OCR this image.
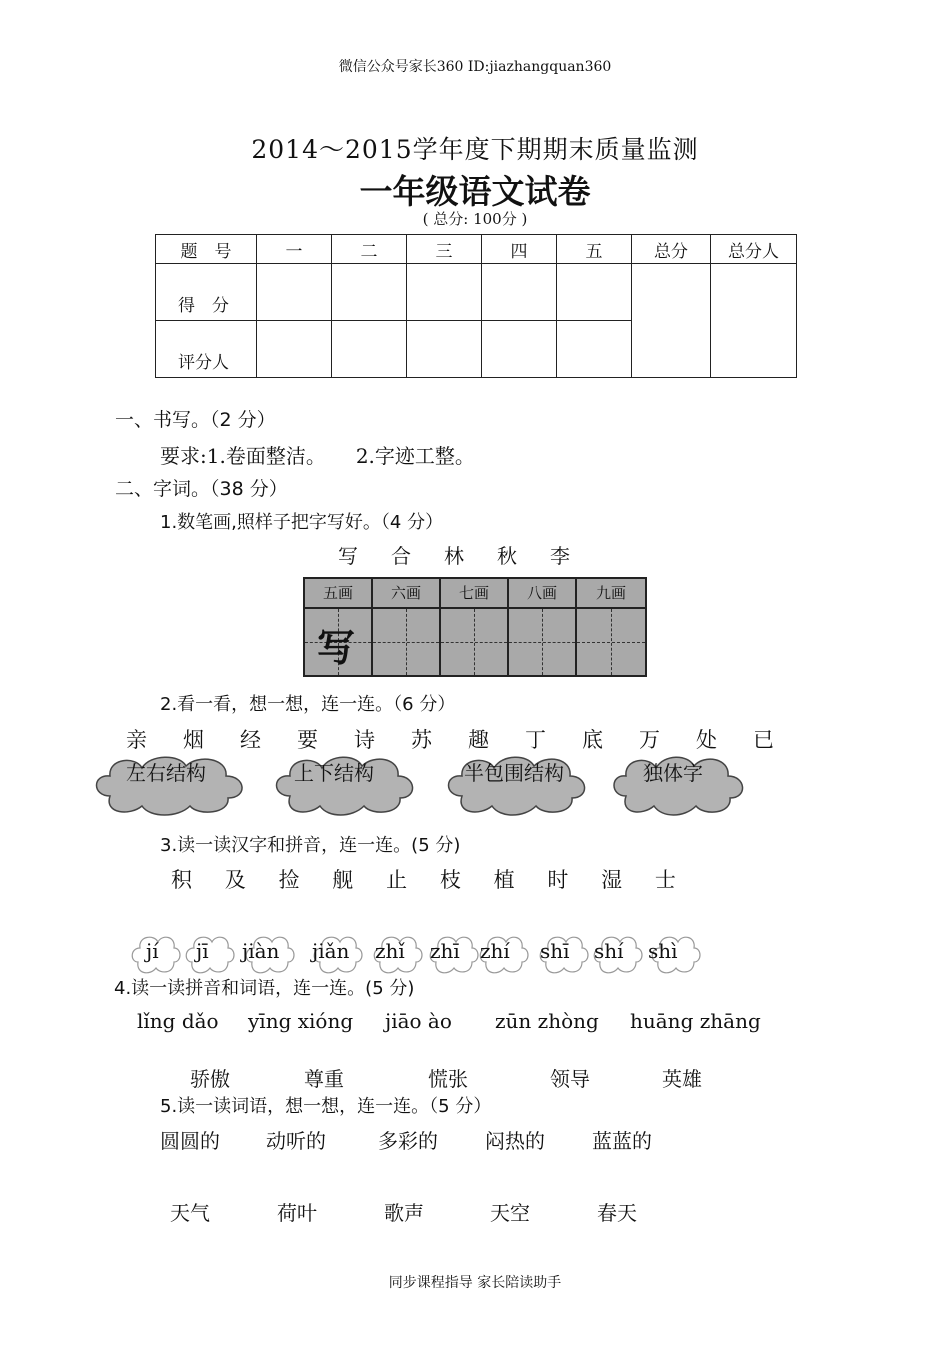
微信公众号家长360 ID:jiazhangquan360
2014～2015学年度下期期末质量监测
一年级语文试卷
( 总分: 100分 )
题　号	一	二	三	四	五	总分	总分人
得　分							
评分人							
一、书写。（2 分）
要求:1.卷面整洁。　　2.字迹工整。
二、字词。（38 分）
1.数笔画,照样子把字写好。（4 分）
写 合 林 秋 李
五画	六画	七画	八画	九画
写
2.看一看，想一想，连一连。（6 分）
亲 烟 经 要 诗 苏 趣 丁 底 万 处 已
左右结构	上下结构	半包围结构	独体字
3.读一读汉字和拼音，连一连。(5 分)
积 及 捡 舰 止 枝 植 时 湿 士
jí jī jiàn jiǎn zhǐ zhī zhí shī shí shì
4.读一读拼音和词语，连一连。(5 分)
lǐng dǎo yīng xióng jiāo ào zūn zhòng huāng zhāng
骄傲	尊重	慌张	领导	英雄
5.读一读词语，想一想，连一连。（5 分）
圆圆的 动听的	多彩的 闷热的 蓝蓝的
天气	荷叶	歌声	天空	春天
同步课程指导 家长陪读助手
